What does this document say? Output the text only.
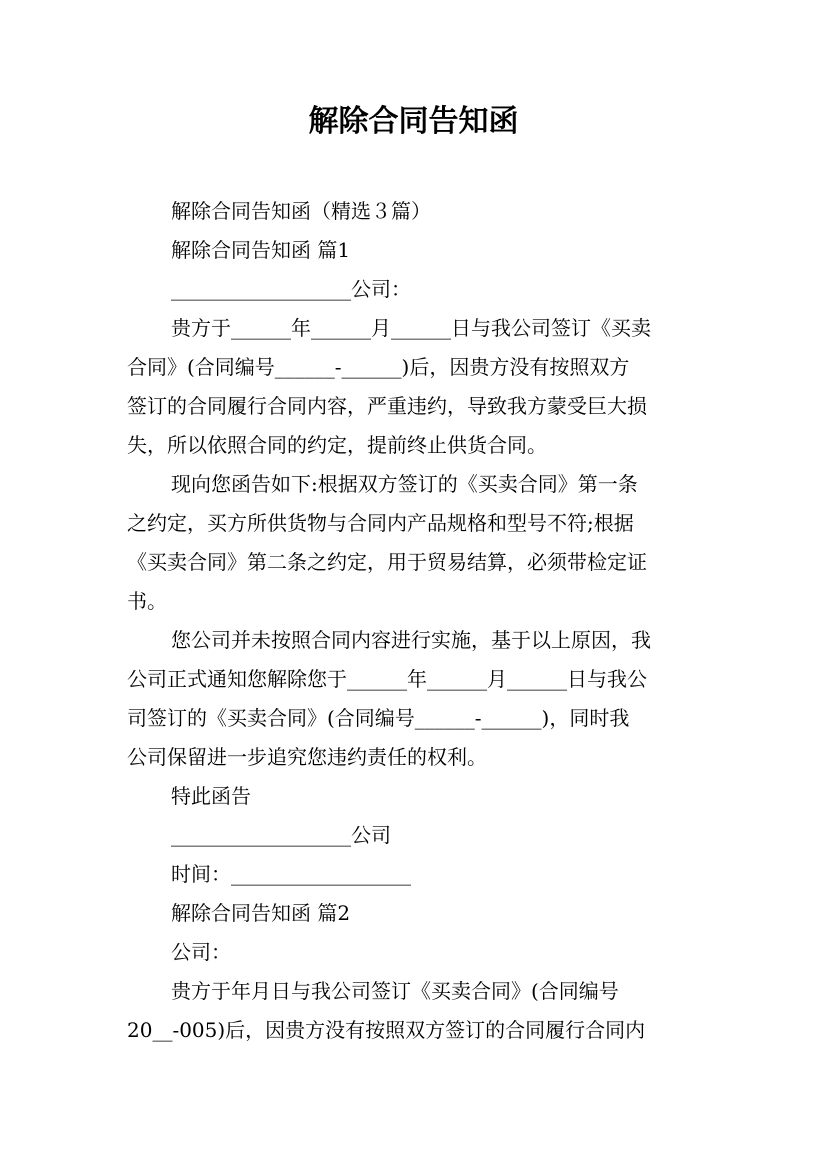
解除合同告知函
解除合同告知函（精选３篇）
解除合同告知函 篇1
__________________公司：
贵方于______年______月______日与我公司签订《买卖
合同》(合同编号______-______)后，因贵方没有按照双方
签订的合同履行合同内容，严重违约，导致我方蒙受巨大损
失，所以依照合同的约定，提前终止供货合同。
现向您函告如下:根据双方签订的《买卖合同》第一条
之约定，买方所供货物与合同内产品规格和型号不符;根据
《买卖合同》第二条之约定，用于贸易结算，必须带检定证
书。
您公司并未按照合同内容进行实施，基于以上原因，我
公司正式通知您解除您于______年______月______日与我公
司签订的《买卖合同》(合同编号______-______)，同时我
公司保留进一步追究您违约责任的权利。
特此函告
__________________公司
时间：__________________
解除合同告知函 篇2
公司：
贵方于年月日与我公司签订《买卖合同》(合同编号
20__-005)后，因贵方没有按照双方签订的合同履行合同内
